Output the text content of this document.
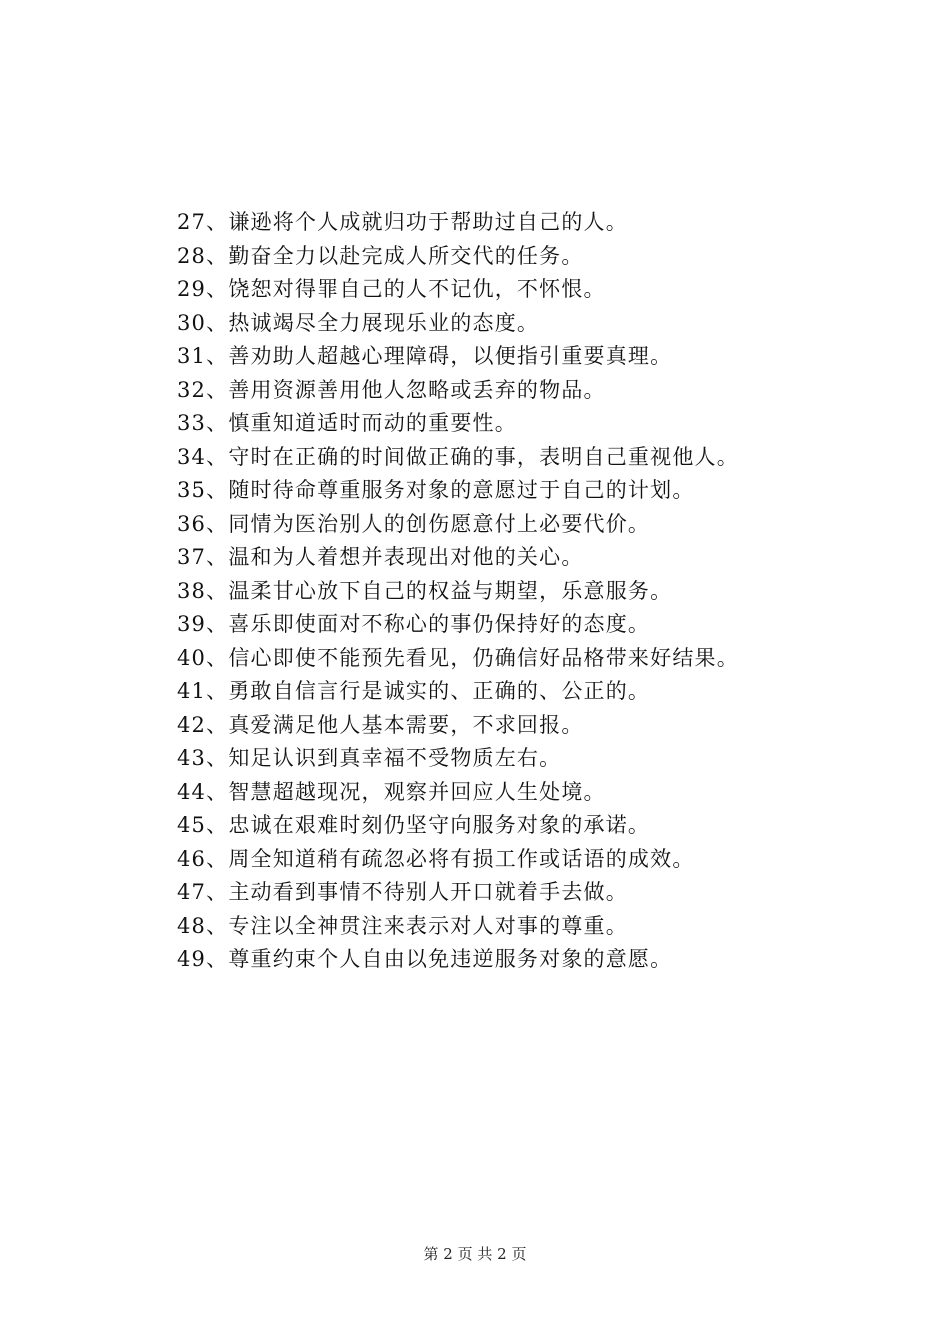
27、谦逊将个人成就归功于帮助过自己的人。
28、勤奋全力以赴完成人所交代的任务。
29、饶恕对得罪自己的人不记仇，不怀恨。
30、热诚竭尽全力展现乐业的态度。
31、善劝助人超越心理障碍，以便指引重要真理。
32、善用资源善用他人忽略或丢弃的物品。
33、慎重知道适时而动的重要性。
34、守时在正确的时间做正确的事，表明自己重视他人。
35、随时待命尊重服务对象的意愿过于自己的计划。
36、同情为医治别人的创伤愿意付上必要代价。
37、温和为人着想并表现出对他的关心。
38、温柔甘心放下自己的权益与期望，乐意服务。
39、喜乐即使面对不称心的事仍保持好的态度。
40、信心即使不能预先看见，仍确信好品格带来好结果。
41、勇敢自信言行是诚实的、正确的、公正的。
42、真爱满足他人基本需要，不求回报。
43、知足认识到真幸福不受物质左右。
44、智慧超越现况，观察并回应人生处境。
45、忠诚在艰难时刻仍坚守向服务对象的承诺。
46、周全知道稍有疏忽必将有损工作或话语的成效。
47、主动看到事情不待别人开口就着手去做。
48、专注以全神贯注来表示对人对事的尊重。
49、尊重约束个人自由以免违逆服务对象的意愿。
第 2 页 共 2 页
